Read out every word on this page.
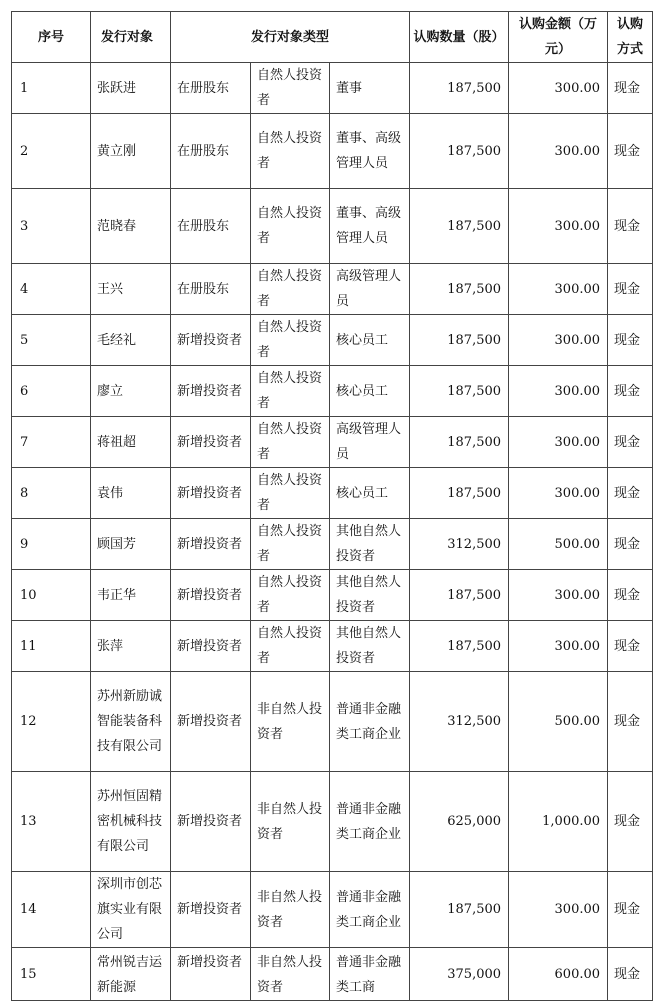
序号	发行对象	发行对象类型			认购数量（股）	认购金额（万元）	认购方式
1	张跃进	在册股东	自然人投资者	董事	187,500	300.00	现金
2	黄立刚	在册股东	自然人投资者	董事、高级管理人员	187,500	300.00	现金
3	范晓春	在册股东	自然人投资者	董事、高级管理人员	187,500	300.00	现金
4	王兴	在册股东	自然人投资者	高级管理人员	187,500	300.00	现金
5	毛经礼	新增投资者	自然人投资者	核心员工	187,500	300.00	现金
6	廖立	新增投资者	自然人投资者	核心员工	187,500	300.00	现金
7	蒋祖超	新增投资者	自然人投资者	高级管理人员	187,500	300.00	现金
8	袁伟	新增投资者	自然人投资者	核心员工	187,500	300.00	现金
9	顾国芳	新增投资者	自然人投资者	其他自然人投资者	312,500	500.00	现金
10	韦正华	新增投资者	自然人投资者	其他自然人投资者	187,500	300.00	现金
11	张萍	新增投资者	自然人投资者	其他自然人投资者	187,500	300.00	现金
12	苏州新励诚智能装备科技有限公司	新增投资者	非自然人投资者	普通非金融类工商企业	312,500	500.00	现金
13	苏州恒固精密机械科技有限公司	新增投资者	非自然人投资者	普通非金融类工商企业	625,000	1,000.00	现金
14	深圳市创芯旗实业有限公司	新增投资者	非自然人投资者	普通非金融类工商企业	187,500	300.00	现金
15	常州锐吉运新能源	新增投资者	非自然人投资者	普通非金融类工商	375,000	600.00	现金
